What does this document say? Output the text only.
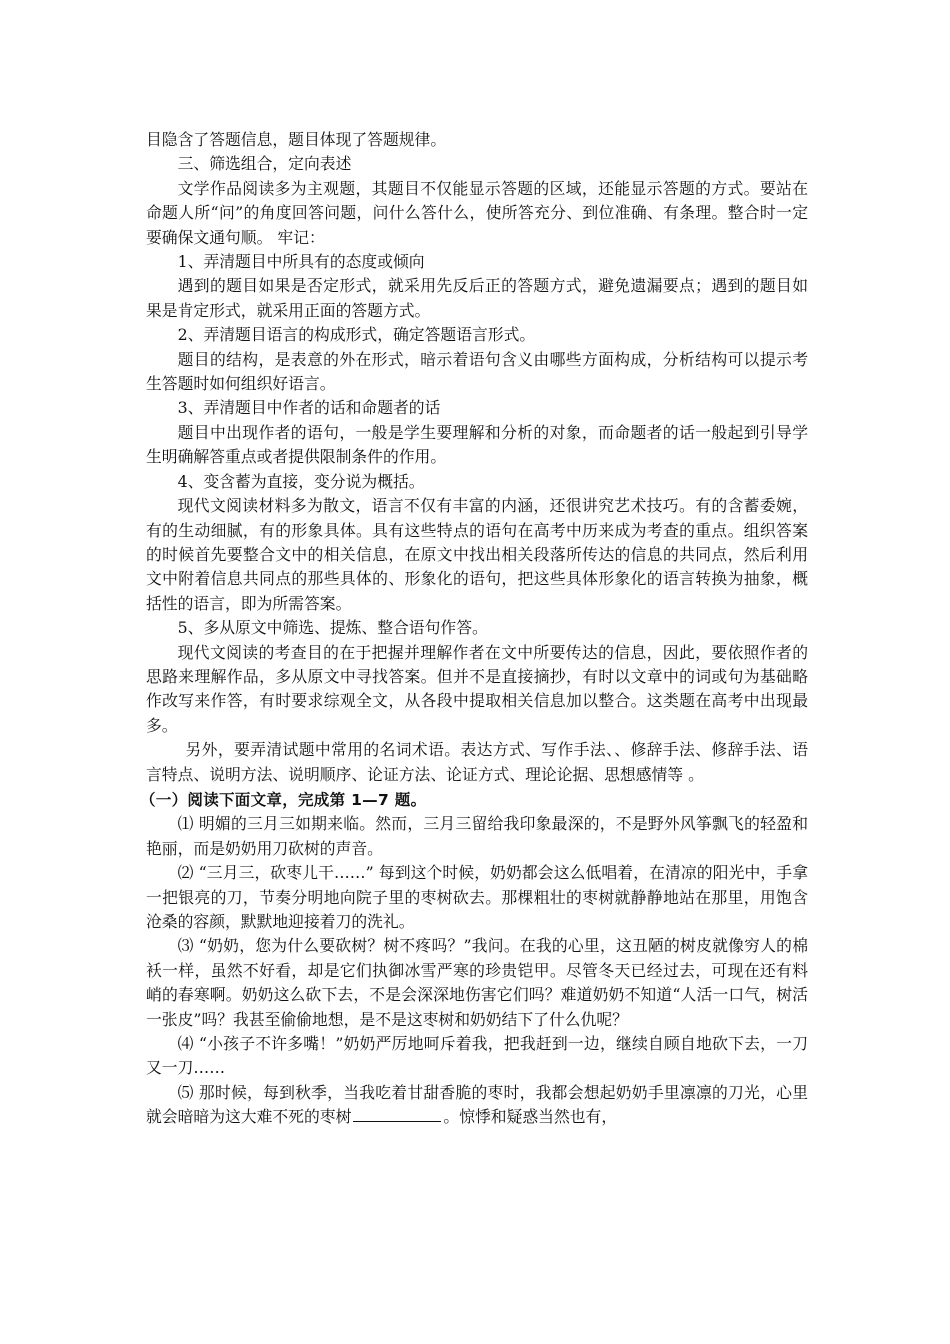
目隐含了答题信息，题目体现了答题规律。

三、筛选组合，定向表述

文学作品阅读多为主观题，其题目不仅能显示答题的区域，还能显示答题的方式。要站在命题人所“问”的角度回答问题，问什么答什么，使所答充分、到位准确、有条理。整合时一定要确保文通句顺。 牢记：

1、弄清题目中所具有的态度或倾向

遇到的题目如果是否定形式，就采用先反后正的答题方式，避免遗漏要点；遇到的题目如果是肯定形式，就采用正面的答题方式。

2、弄清题目语言的构成形式，确定答题语言形式。

题目的结构，是表意的外在形式，暗示着语句含义由哪些方面构成，分析结构可以提示考生答题时如何组织好语言。

3、弄清题目中作者的话和命题者的话

题目中出现作者的语句，一般是学生要理解和分析的对象，而命题者的话一般起到引导学生明确解答重点或者提供限制条件的作用。

4、变含蓄为直接，变分说为概括。

现代文阅读材料多为散文，语言不仅有丰富的内涵，还很讲究艺术技巧。有的含蓄委婉，有的生动细腻，有的形象具体。具有这些特点的语句在高考中历来成为考查的重点。组织答案的时候首先要整合文中的相关信息，在原文中找出相关段落所传达的信息的共同点，然后利用文中附着信息共同点的那些具体的、形象化的语句，把这些具体形象化的语言转换为抽象，概括性的语言，即为所需答案。

5、多从原文中筛选、提炼、整合语句作答。

现代文阅读的考查目的在于把握并理解作者在文中所要传达的信息，因此，要依照作者的思路来理解作品，多从原文中寻找答案。但并不是直接摘抄，有时以文章中的词或句为基础略作改写来作答，有时要求综观全文，从各段中提取相关信息加以整合。这类题在高考中出现最多。

另外，要弄清试题中常用的名词术语。表达方式、写作手法、、修辞手法、修辞手法、语言特点、说明方法、说明顺序、论证方法、论证方式、理论论据、思想感情等 。

（一）阅读下面文章，完成第 1—7 题。

⑴ 明媚的三月三如期来临。然而，三月三留给我印象最深的，不是野外风筝飘飞的轻盈和艳丽，而是奶奶用刀砍树的声音。

⑵ “三月三，砍枣儿干……” 每到这个时候，奶奶都会这么低唱着，在清凉的阳光中，手拿一把银亮的刀，节奏分明地向院子里的枣树砍去。那棵粗壮的枣树就静静地站在那里，用饱含沧桑的容颜，默默地迎接着刀的洗礼。

⑶ “奶奶，您为什么要砍树？树不疼吗？”我问。在我的心里，这丑陋的树皮就像穷人的棉袄一样，虽然不好看，却是它们执御冰雪严寒的珍贵铠甲。尽管冬天已经过去，可现在还有料峭的春寒啊。奶奶这么砍下去，不是会深深地伤害它们吗？难道奶奶不知道“人活一口气，树活一张皮”吗？我甚至偷偷地想，是不是这枣树和奶奶结下了什么仇呢？

⑷ “小孩子不许多嘴！”奶奶严厉地呵斥着我，把我赶到一边，继续自顾自地砍下去，一刀又一刀……

⑸ 那时候，每到秋季，当我吃着甘甜香脆的枣时，我都会想起奶奶手里凛凛的刀光，心里就会暗暗为这大难不死的枣树	。惊悸和疑惑当然也有，
